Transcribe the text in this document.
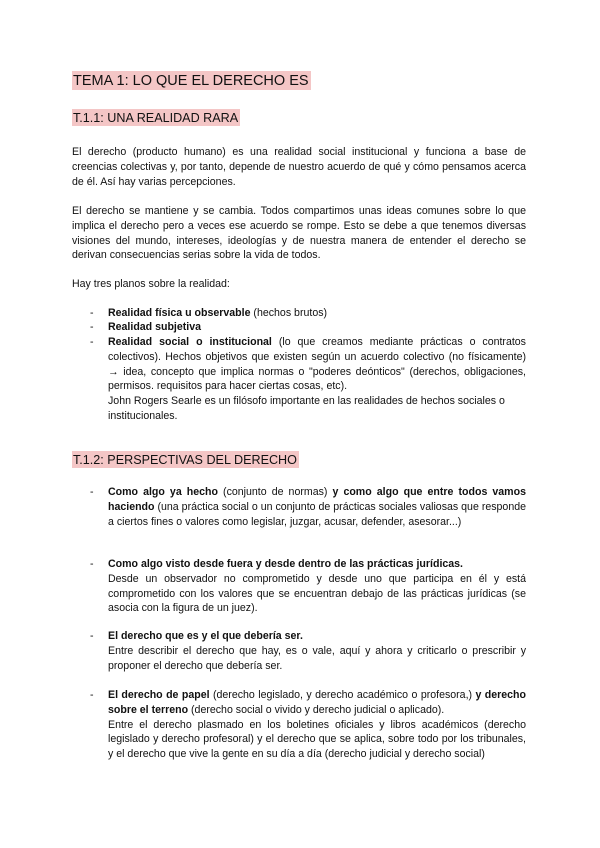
TEMA 1: LO QUE EL DERECHO ES
T.1.1: UNA REALIDAD RARA
El derecho (producto humano) es una realidad social institucional y funciona a base de creencias colectivas y, por tanto, depende de nuestro acuerdo de qué y cómo pensamos acerca de él. Así hay varias percepciones.
El derecho se mantiene y se cambia. Todos compartimos unas ideas comunes sobre lo que implica el derecho pero a veces ese acuerdo se rompe. Esto se debe a que tenemos diversas visiones del mundo, intereses, ideologías y de nuestra manera de entender el derecho se derivan consecuencias serias sobre la vida de todos.
Hay tres planos sobre la realidad:
-	Realidad física u observable (hechos brutos)
-	Realidad subjetiva
-	Realidad social o institucional (lo que creamos mediante prácticas o contratos colectivos). Hechos objetivos que existen según un acuerdo colectivo (no físicamente) → idea, concepto que implica normas o "poderes deónticos" (derechos, obligaciones, permisos. requisitos para hacer ciertas cosas, etc).
John Rogers Searle es un filósofo importante en las realidades de hechos sociales o institucionales.
T.1.2: PERSPECTIVAS DEL DERECHO
-	Como algo ya hecho (conjunto de normas) y como algo que entre todos vamos haciendo (una práctica social o un conjunto de prácticas sociales valiosas que responde a ciertos fines o valores como legislar, juzgar, acusar, defender, asesorar...)
-	Como algo visto desde fuera y desde dentro de las prácticas jurídicas.
Desde un observador no comprometido y desde uno que participa en él y está comprometido con los valores que se encuentran debajo de las prácticas jurídicas (se asocia con la figura de un juez).
-	El derecho que es y el que debería ser.
Entre describir el derecho que hay, es o vale, aquí y ahora y criticarlo o prescribir y proponer el derecho que debería ser.
-	El derecho de papel (derecho legislado, y derecho académico o profesora,) y derecho sobre el terreno (derecho social o vivido y derecho judicial o aplicado).
Entre el derecho plasmado en los boletines oficiales y libros académicos (derecho legislado y derecho profesoral) y el derecho que se aplica, sobre todo por los tribunales, y el derecho que vive la gente en su día a día (derecho judicial y derecho social)
